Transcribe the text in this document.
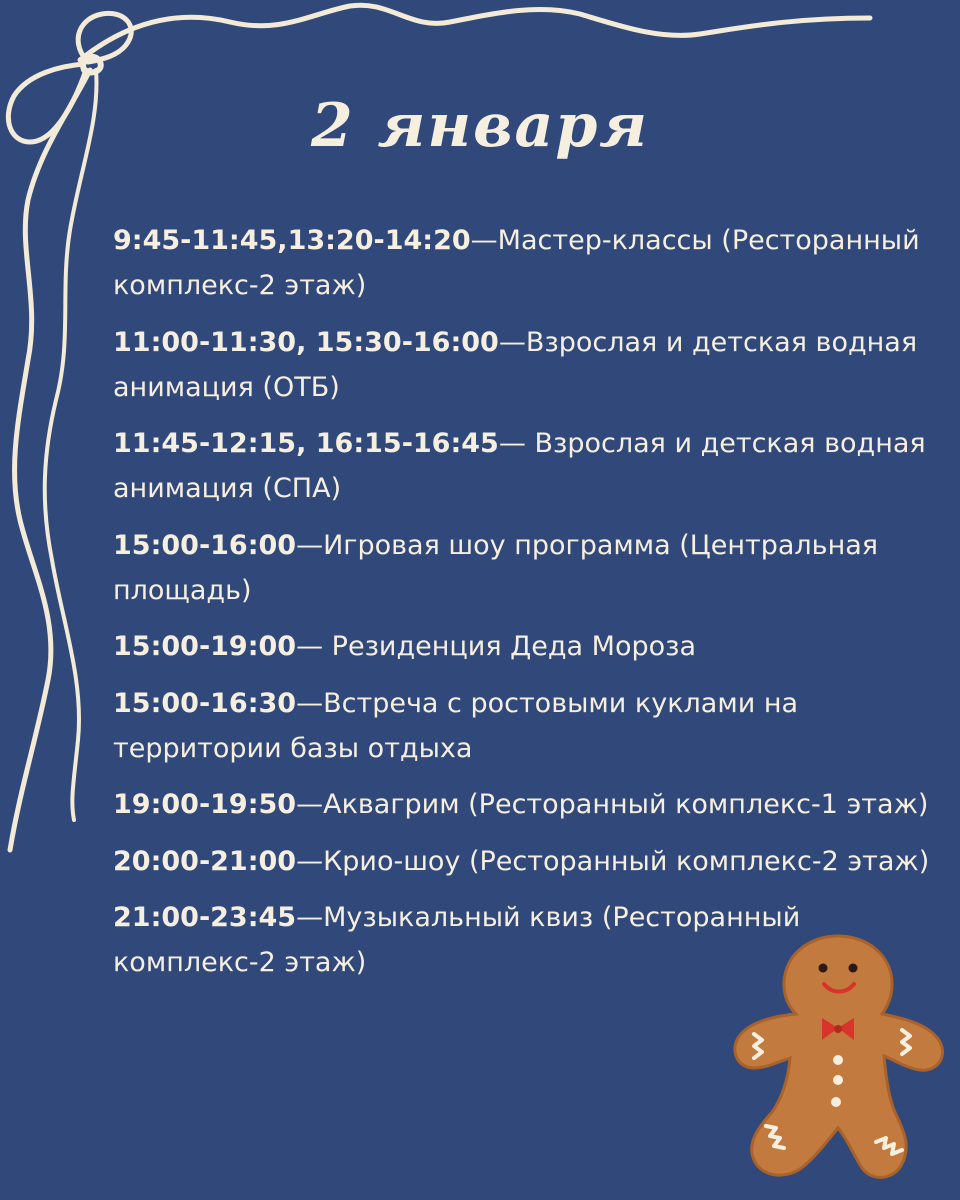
2 января
9:45-11:45,13:20-14:20—Мастер-классы (Ресторанный комплекс-2 этаж)
11:00-11:30, 15:30-16:00—Взрослая и детская водная анимация (ОТБ)
11:45-12:15, 16:15-16:45— Взрослая и детская водная анимация (СПА)
15:00-16:00—Игровая шоу программа (Центральная площадь)
15:00-19:00— Резиденция Деда Мороза
15:00-16:30—Встреча с ростовыми куклами на территории базы отдыха
19:00-19:50—Аквагрим (Ресторанный комплекс-1 этаж)
20:00-21:00—Крио-шоу (Ресторанный комплекс-2 этаж)
21:00-23:45—Музыкальный квиз (Ресторанный комплекс-2 этаж)
